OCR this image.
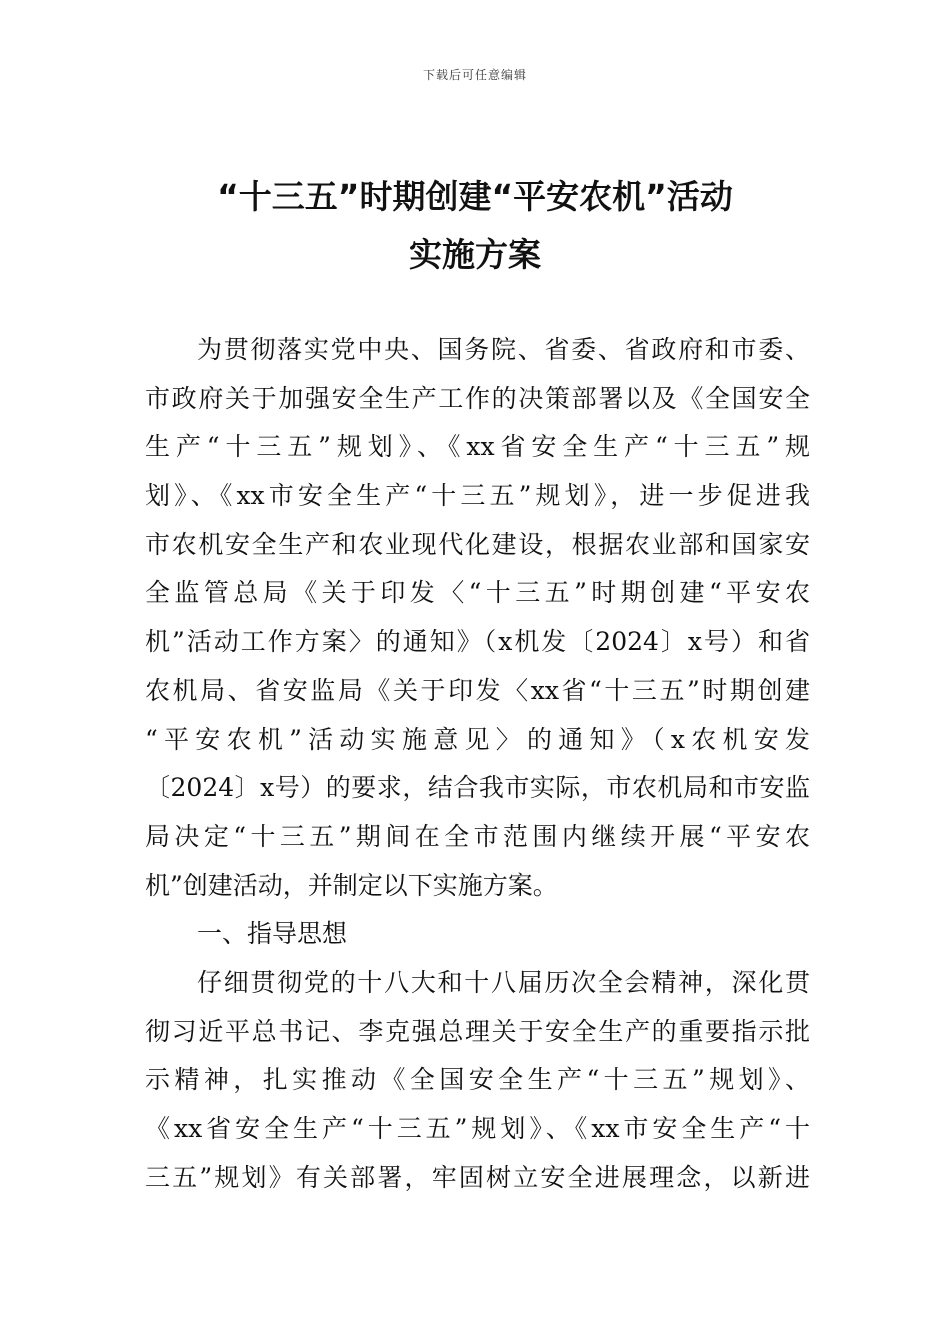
下载后可任意编辑
“十三五”时期创建“平安农机”活动
实施方案
为贯彻落实党中央、国务院、省委、省政府和市委、
市政府关于加强安全生产工作的决策部署以及《全国安全
生产“十三五”规划》、《xx省安全生产“十三五”规
划》、《xx市安全生产“十三五”规划》，进一步促进我
市农机安全生产和农业现代化建设，根据农业部和国家安
全监管总局《关于印发〈“十三五”时期创建“平安农
机”活动工作方案〉的通知》（x机发〔2024〕x号）和省
农机局、省安监局《关于印发〈xx省“十三五”时期创建
“平安农机”活动实施意见〉的通知》（x农机安发
〔2024〕x号）的要求，结合我市实际，市农机局和市安监
局决定“十三五”期间在全市范围内继续开展“平安农
机”创建活动，并制定以下实施方案。
一、指导思想
仔细贯彻党的十八大和十八届历次全会精神，深化贯
彻习近平总书记、李克强总理关于安全生产的重要指示批
示精神，扎实推动《全国安全生产“十三五”规划》、
《xx省安全生产“十三五”规划》、《xx市安全生产“十
三五”规划》有关部署，牢固树立安全进展理念，以新进
